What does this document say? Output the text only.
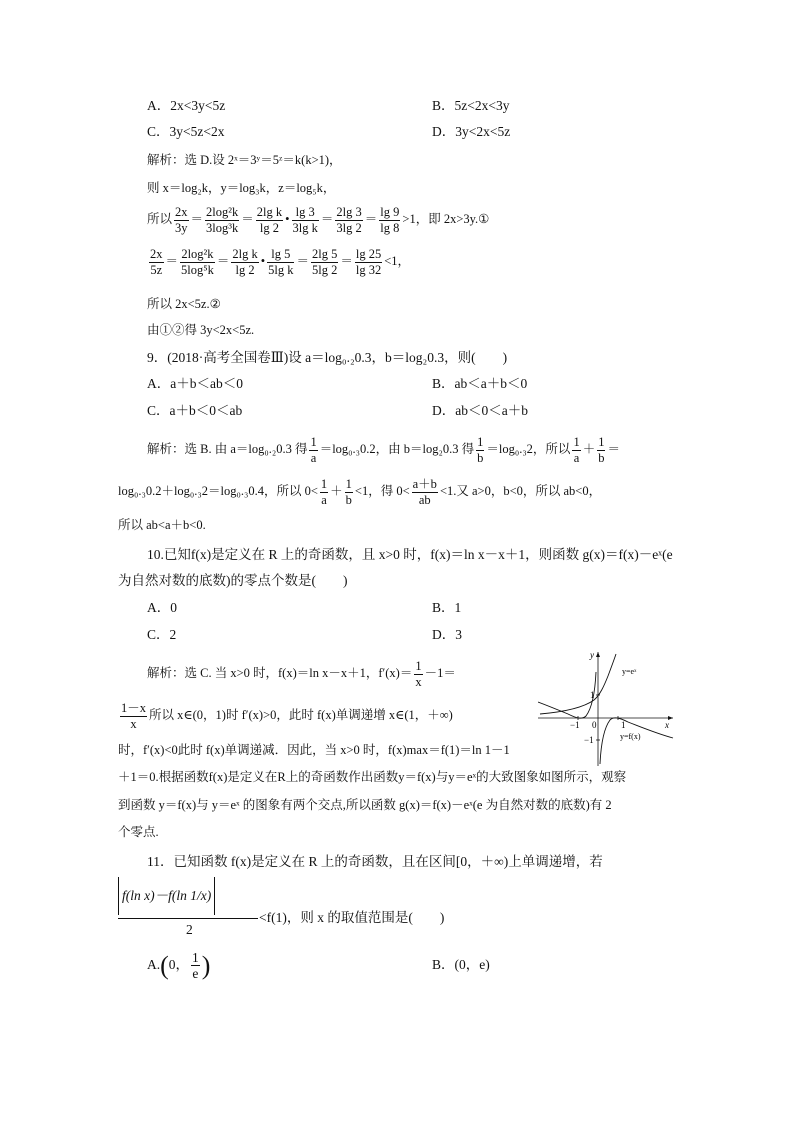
A．2x<3y<5z	B．5z<2x<3y
C．3y<5z<2x	D．3y<2x<5z
解析：选 D.设 2ˣ＝3ʸ＝5ᶻ＝k(k>1)，
则 x＝log₂k，y＝log₃k，z＝log₅k，
所以 $\frac{2x}{3y} = \frac{\text{2log²k}}{\text{3log³k}} = \frac{\text{2lg k}}{\lg 2}$ • $\frac{\lg 3}{\text{3lg k}} = \frac{2\lg 3}{3\lg 2} = \frac{\lg 9}{\lg 8} >1$，即 2x>3y.①
$\frac{2x}{5z} = \frac{\text{2log²k}}{\text{5log⁵k}} = \frac{\text{2lg k}}{\lg 2}$ • $\frac{\lg 5}{\text{5lg k}} = \frac{2\lg 5}{5\lg 2} = \frac{\lg 25}{\lg 32} <1$，
所以 2x<5z.②
由①②得 3y<2x<5z.
9．(2018·高考全国卷Ⅲ)设 a＝log₀.₂0.3，b＝log₂0.3，则(　　)
A．a＋b＜ab＜0	B．ab＜a＋b＜0
C．a＋b＜0＜ab	D．ab＜0＜a＋b
解析：选 B. 由 a＝log₀.₂0.3 得 $\frac{1}{a} =\log_0._30.2$，由 b＝log₂0.3 得 $\frac{1}{b} =\log_0._32$，所以 $\frac{1}{a} + \frac{1}{b}$ ＝
log₀.₃0.2＋log₀.₃2＝log₀.₃0.4，所以 $0< \frac{1}{a} + \frac{1}{b} <1$，得 $0< \frac{a+b}{ab} <1$.又 a>0，b<0，所以 ab<0，
所以 ab<a＋b<0.
10.已知f(x)是定义在 R 上的奇函数，且 x>0 时，f(x)＝ln x－x＋1，则函数 g(x)＝f(x)－eˣ(e
为自然对数的底数)的零点个数是(　　)
A．0	B．1
C．2	D．3
解析：选 C. 当 x>0 时，f(x)＝ln x－x＋1，$f'(x)= \frac{1}{x} -1=$
$\frac{1-x}{x}$ 所以 x∈(0，1)时 f′(x)>0，此时 f(x)单调递增 x∈(1，＋∞)
时，f′(x)<0此时 f(x)单调递减．因此，当 x>0 时，f(x)max＝f(1)＝ln 1－1
＋1＝0.根据函数f(x)是定义在R上的奇函数作出函数y＝f(x)与y＝eˣ的大致图象如图所示，观察
到函数 y＝f(x)与 y＝eˣ 的图象有两个交点,所以函数 g(x)＝f(x)－eˣ(e 为自然对数的底数)有 2
个零点.
y
x
y=eˣ
y=f(x)
1
−1 0	1
−1
11．已知函数 f(x)是定义在 R 上的奇函数，且在区间[0，＋∞)上单调递增，若
f(ln x)－f(ln 1/x)
2
<f(1)，则 x 的取值范围是(　　)
A.(0， $\frac{1}{e}$ )	B．(0，e)
